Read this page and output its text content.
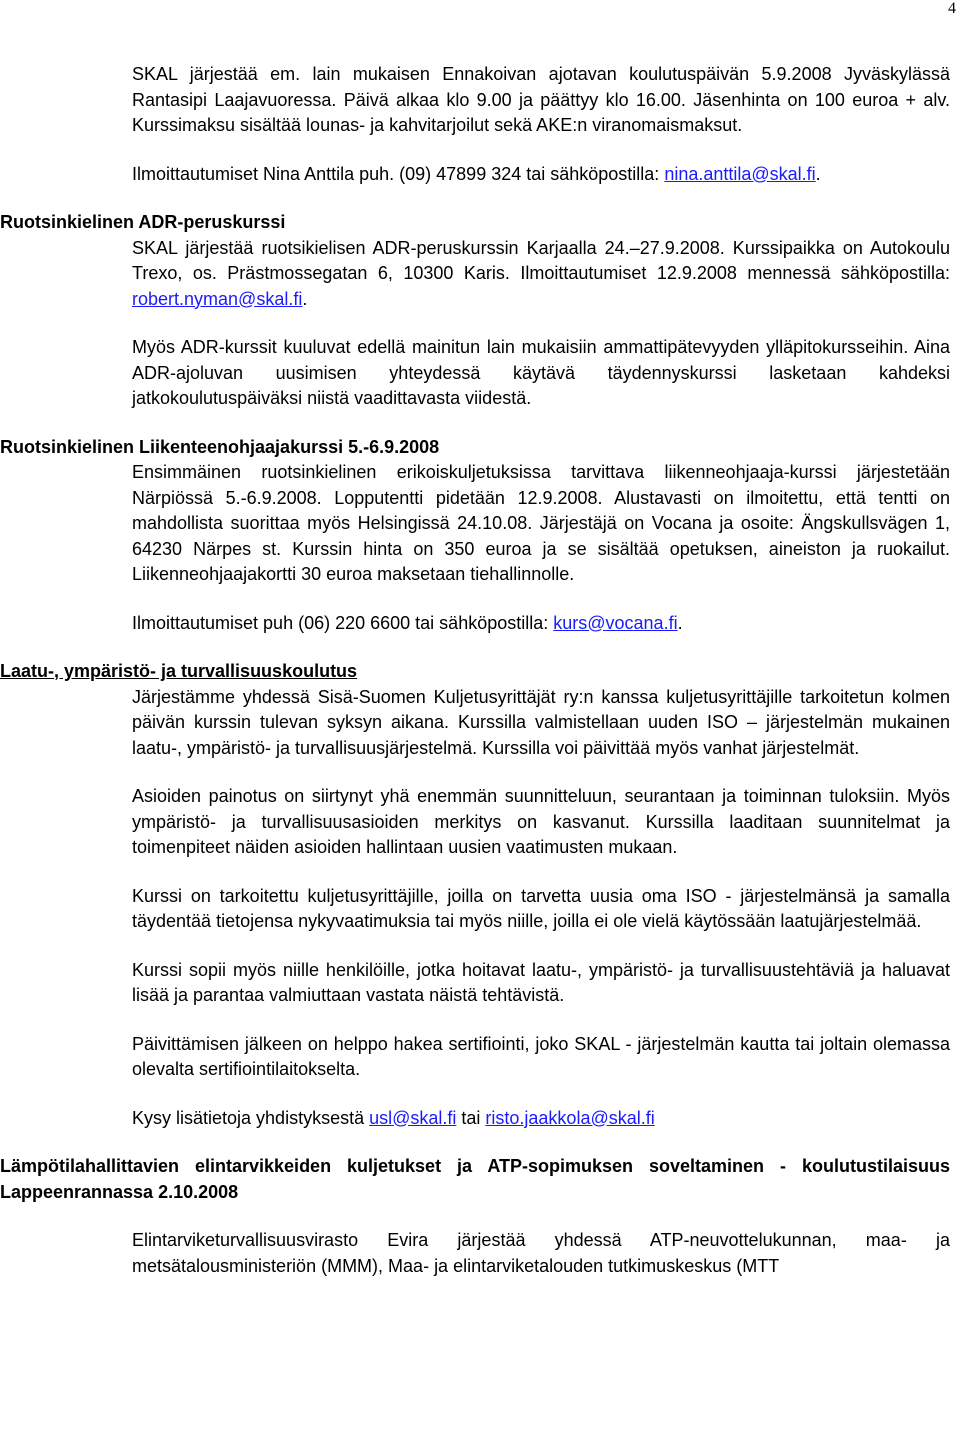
4

SKAL järjestää em. lain mukaisen Ennakoivan ajotavan koulutuspäivän 5.9.2008 Jyväskylässä Rantasipi Laajavuoressa. Päivä alkaa klo 9.00 ja päättyy klo 16.00. Jäsenhinta on 100 euroa + alv. Kurssimaksu sisältää lounas- ja kahvitarjoilut sekä AKE:n viranomaismaksut.

Ilmoittautumiset Nina Anttila puh. (09) 47899 324 tai sähköpostilla: nina.anttila@skal.fi.

Ruotsinkielinen ADR-peruskurssi

SKAL järjestää ruotsikielisen ADR-peruskurssin Karjaalla 24.–27.9.2008. Kurssipaikka on Autokoulu Trexo, os. Prästmossegatan 6, 10300 Karis. Ilmoittautumiset 12.9.2008 mennessä sähköpostilla: robert.nyman@skal.fi.

Myös ADR-kurssit kuuluvat edellä mainitun lain mukaisiin ammattipätevyyden ylläpitokursseihin. Aina ADR-ajoluvan uusimisen yhteydessä käytävä täydennyskurssi lasketaan kahdeksi jatkokoulutuspäiväksi niistä vaadittavasta viidestä.

Ruotsinkielinen Liikenteenohjaajakurssi 5.-6.9.2008

Ensimmäinen ruotsinkielinen erikoiskuljetuksissa tarvittava liikenneohjaaja-kurssi järjestetään Närpiössä 5.-6.9.2008. Lopputentti pidetään 12.9.2008. Alustavasti on ilmoitettu, että tentti on mahdollista suorittaa myös Helsingissä 24.10.08. Järjestäjä on Vocana ja osoite: Ängskullsvägen 1, 64230 Närpes st. Kurssin hinta on 350 euroa ja se sisältää opetuksen, aineiston ja ruokailut. Liikenneohjaajakortti 30 euroa maksetaan tiehallinnolle.

Ilmoittautumiset puh (06) 220 6600 tai sähköpostilla: kurs@vocana.fi.

Laatu-, ympäristö- ja turvallisuuskoulutus

Järjestämme yhdessä Sisä-Suomen Kuljetusyrittäjät ry:n kanssa kuljetusyrittäjille tarkoitetun kolmen päivän kurssin tulevan syksyn aikana. Kurssilla valmistellaan uuden ISO – järjestelmän mukainen laatu-, ympäristö- ja turvallisuusjärjestelmä. Kurssilla voi päivittää myös vanhat järjestelmät.

Asioiden painotus on siirtynyt yhä enemmän suunnitteluun, seurantaan ja toiminnan tuloksiin. Myös ympäristö- ja turvallisuusasioiden merkitys on kasvanut. Kurssilla laaditaan suunnitelmat ja toimenpiteet näiden asioiden hallintaan uusien vaatimusten mukaan.

Kurssi on tarkoitettu kuljetusyrittäjille, joilla on tarvetta uusia oma ISO - järjestelmänsä ja samalla täydentää tietojensa nykyvaatimuksia tai myös niille, joilla ei ole vielä käytössään laatujärjestelmää.

Kurssi sopii myös niille henkilöille, jotka hoitavat laatu-, ympäristö- ja turvallisuustehtäviä ja haluavat lisää ja parantaa valmiuttaan vastata näistä tehtävistä.

Päivittämisen jälkeen on helppo hakea sertifiointi, joko SKAL - järjestelmän kautta tai joltain olemassa olevalta sertifiointilaitokselta.

Kysy lisätietoja yhdistyksestä usl@skal.fi tai risto.jaakkola@skal.fi

Lämpötilahallittavien elintarvikkeiden kuljetukset ja ATP-sopimuksen soveltaminen - koulutustilaisuus Lappeenrannassa 2.10.2008

Elintarviketurvallisuusvirasto Evira järjestää yhdessä ATP-neuvottelukunnan, maa- ja metsätalousministeriön (MMM), Maa- ja elintarviketalouden tutkimuskeskus (MTT
